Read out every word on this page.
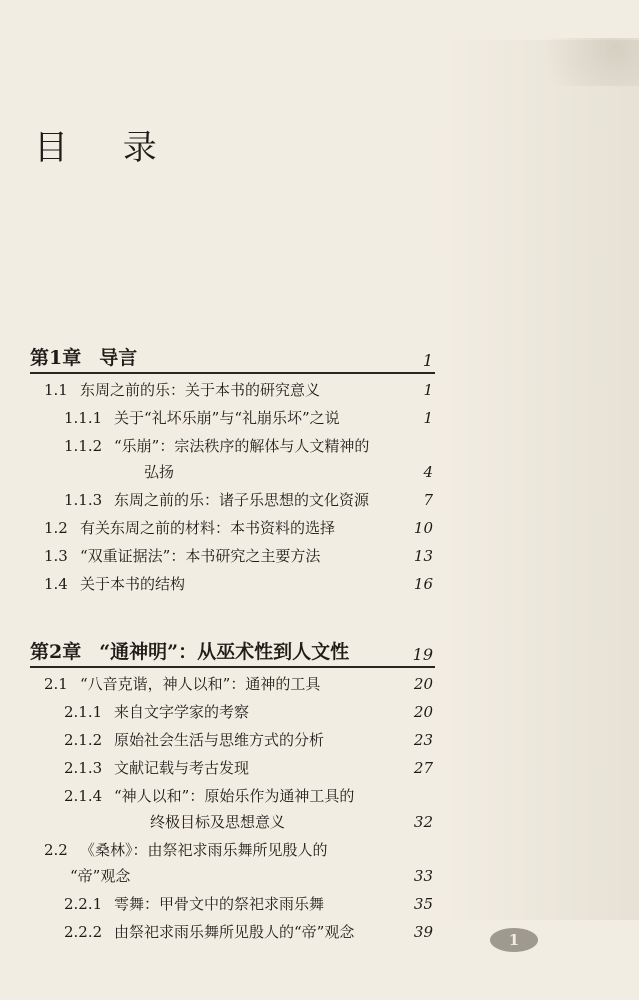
目 录
第1章 导言	1
1.1 东周之前的乐：关于本书的研究意义	1
1.1.1 关于“礼坏乐崩”与“礼崩乐坏”之说	1
1.1.2 “乐崩”：宗法秩序的解体与人文精神的
弘扬	4
1.1.3 东周之前的乐：诸子乐思想的文化资源	7
1.2 有关东周之前的材料：本书资料的选择	10
1.3 “双重证据法”：本书研究之主要方法	13
1.4 关于本书的结构	16
第2章 “通神明”：从巫术性到人文性	19
2.1 “八音克谐，神人以和”：通神的工具	20
2.1.1 来自文字学家的考察	20
2.1.2 原始社会生活与思维方式的分析	23
2.1.3 文献记载与考古发现	27
2.1.4 “神人以和”：原始乐作为通神工具的
终极目标及思想意义	32
2.2 《桑林》：由祭祀求雨乐舞所见殷人的
“帝”观念	33
2.2.1 雩舞：甲骨文中的祭祀求雨乐舞	35
2.2.2 由祭祀求雨乐舞所见殷人的“帝”观念	39	1
